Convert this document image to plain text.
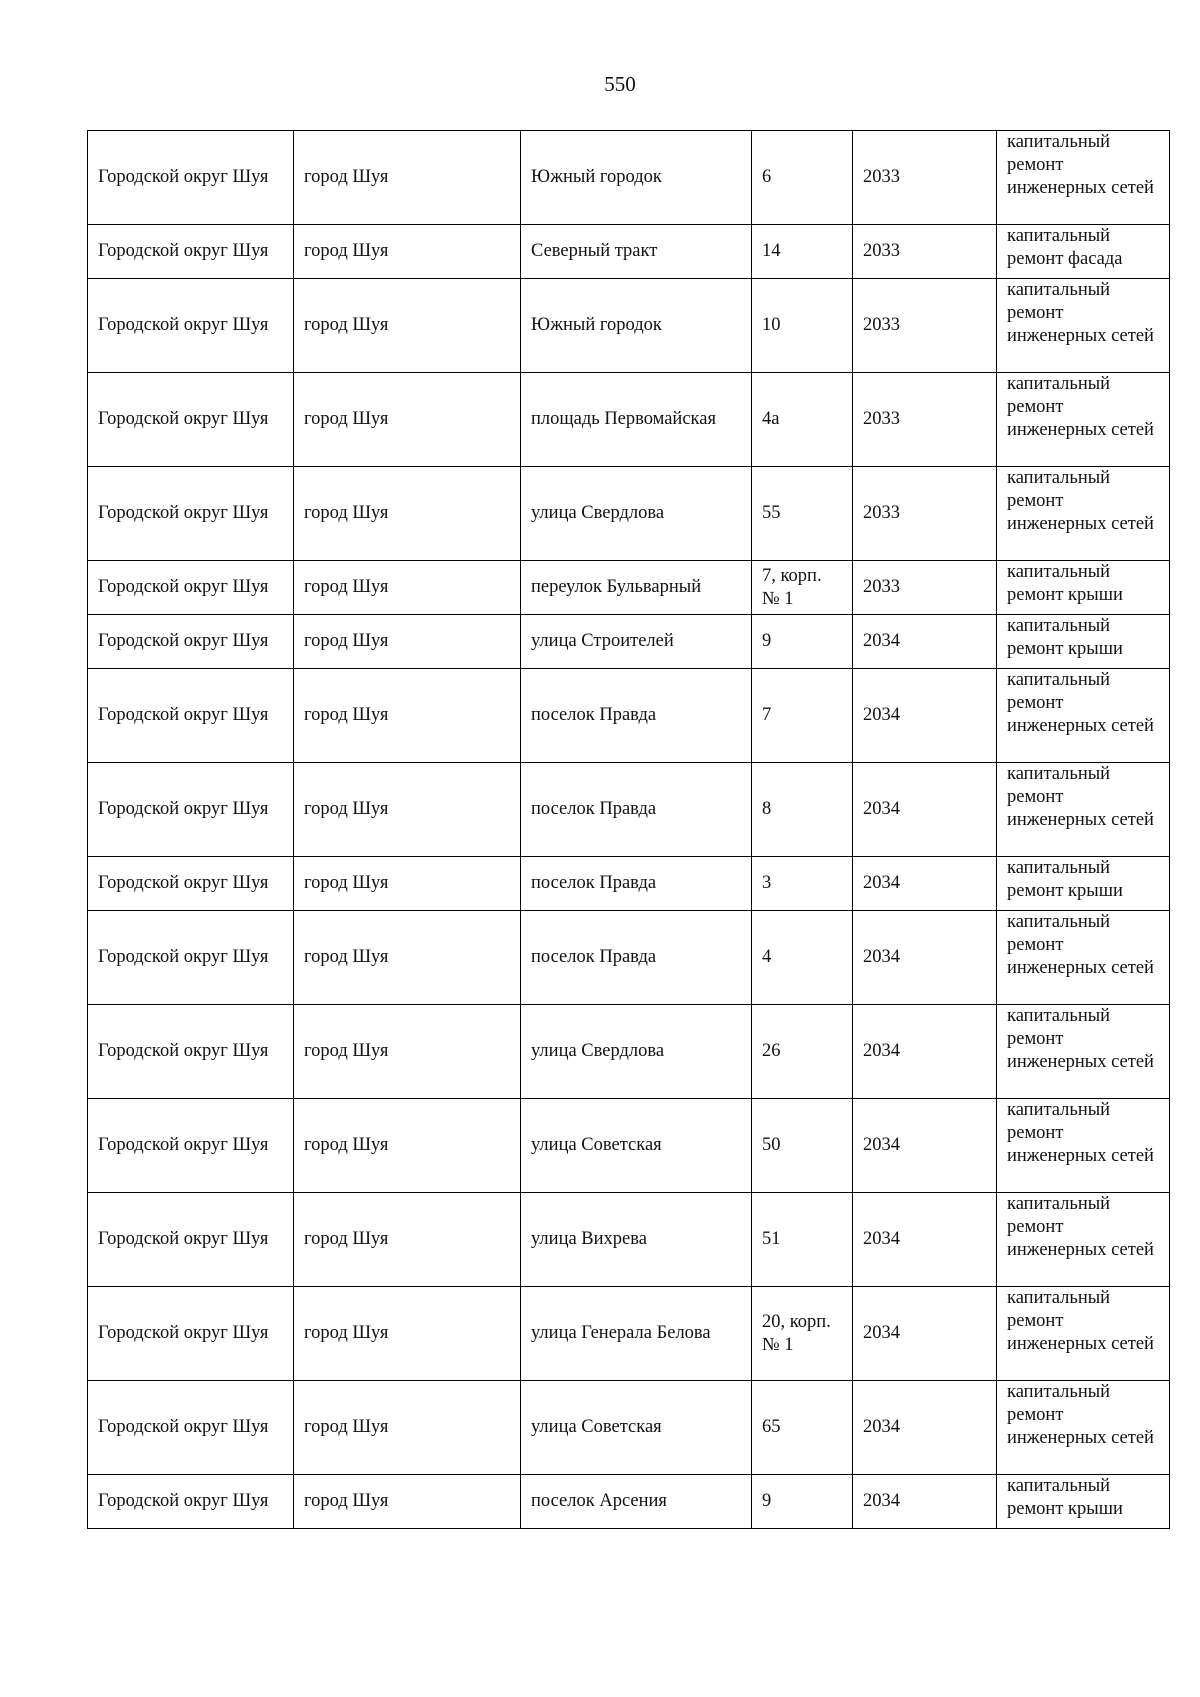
550
Городской округ Шуя	город Шуя	Южный городок	6	2033	капитальный ремонт инженерных сетей
Городской округ Шуя	город Шуя	Северный тракт	14	2033	капитальный ремонт фасада
Городской округ Шуя	город Шуя	Южный городок	10	2033	капитальный ремонт инженерных сетей
Городской округ Шуя	город Шуя	площадь Первомайская	4а	2033	капитальный ремонт инженерных сетей
Городской округ Шуя	город Шуя	улица Свердлова	55	2033	капитальный ремонт инженерных сетей
Городской округ Шуя	город Шуя	переулок Бульварный	7, корп. № 1	2033	капитальный ремонт крыши
Городской округ Шуя	город Шуя	улица Строителей	9	2034	капитальный ремонт крыши
Городской округ Шуя	город Шуя	поселок Правда	7	2034	капитальный ремонт инженерных сетей
Городской округ Шуя	город Шуя	поселок Правда	8	2034	капитальный ремонт инженерных сетей
Городской округ Шуя	город Шуя	поселок Правда	3	2034	капитальный ремонт крыши
Городской округ Шуя	город Шуя	поселок Правда	4	2034	капитальный ремонт инженерных сетей
Городской округ Шуя	город Шуя	улица Свердлова	26	2034	капитальный ремонт инженерных сетей
Городской округ Шуя	город Шуя	улица Советская	50	2034	капитальный ремонт инженерных сетей
Городской округ Шуя	город Шуя	улица Вихрева	51	2034	капитальный ремонт инженерных сетей
Городской округ Шуя	город Шуя	улица Генерала Белова	20, корп. № 1	2034	капитальный ремонт инженерных сетей
Городской округ Шуя	город Шуя	улица Советская	65	2034	капитальный ремонт инженерных сетей
Городской округ Шуя	город Шуя	поселок Арсения	9	2034	капитальный ремонт крыши
